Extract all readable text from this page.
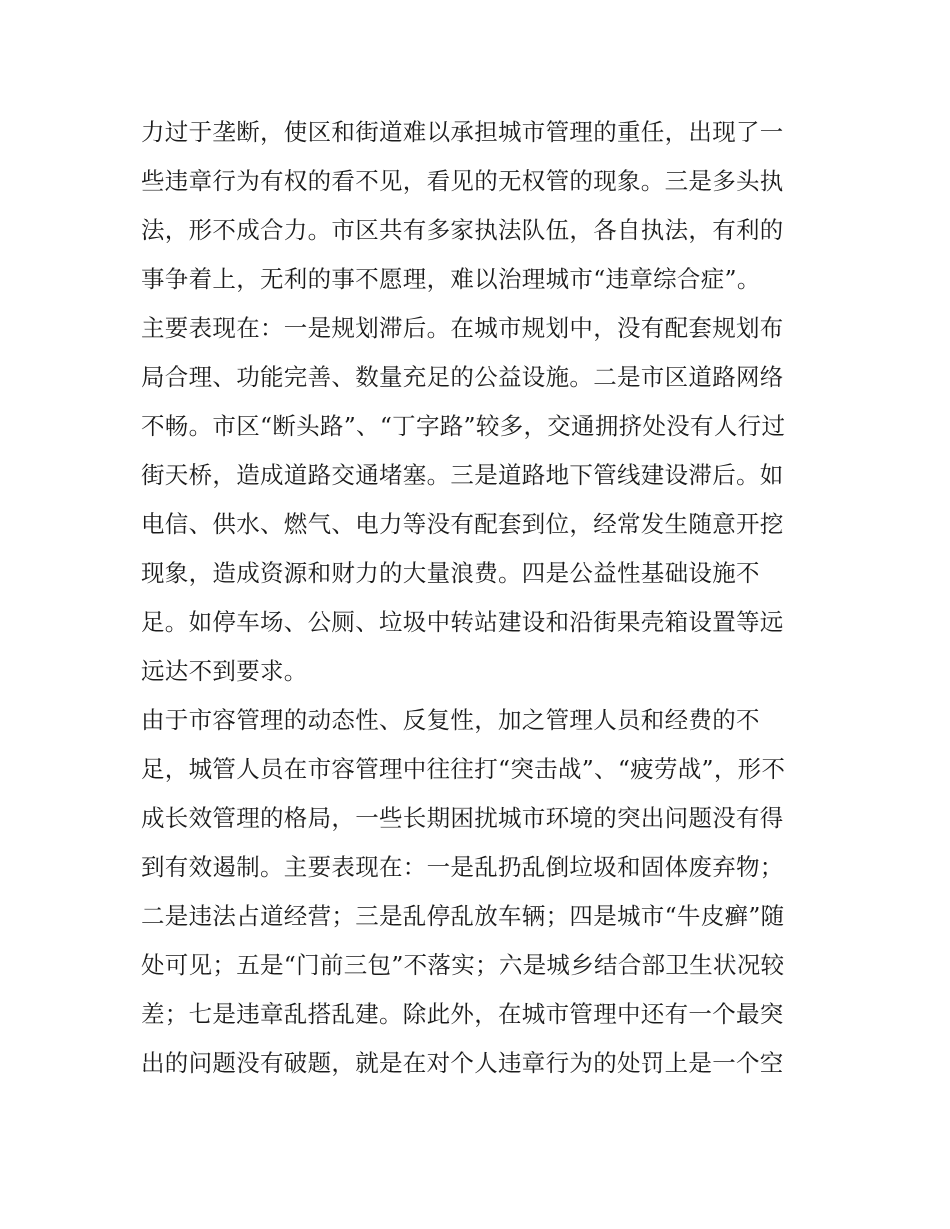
力过于垄断，使区和街道难以承担城市管理的重任，出现了一
些违章行为有权的看不见，看见的无权管的现象。三是多头执
法，形不成合力。市区共有多家执法队伍，各自执法，有利的
事争着上，无利的事不愿理，难以治理城市“违章综合症”。
主要表现在：一是规划滞后。在城市规划中，没有配套规划布
局合理、功能完善、数量充足的公益设施。二是市区道路网络
不畅。市区“断头路”、“丁字路”较多，交通拥挤处没有人行过
街天桥，造成道路交通堵塞。三是道路地下管线建设滞后。如
电信、供水、燃气、电力等没有配套到位，经常发生随意开挖
现象，造成资源和财力的大量浪费。四是公益性基础设施不
足。如停车场、公厕、垃圾中转站建设和沿街果壳箱设置等远
远达不到要求。
由于市容管理的动态性、反复性，加之管理人员和经费的不
足，城管人员在市容管理中往往打“突击战”、“疲劳战”，形不
成长效管理的格局，一些长期困扰城市环境的突出问题没有得
到有效遏制。主要表现在：一是乱扔乱倒垃圾和固体废弃物；
二是违法占道经营；三是乱停乱放车辆；四是城市“牛皮癣”随
处可见；五是“门前三包”不落实；六是城乡结合部卫生状况较
差；七是违章乱搭乱建。除此外，在城市管理中还有一个最突
出的问题没有破题，就是在对个人违章行为的处罚上是一个空
